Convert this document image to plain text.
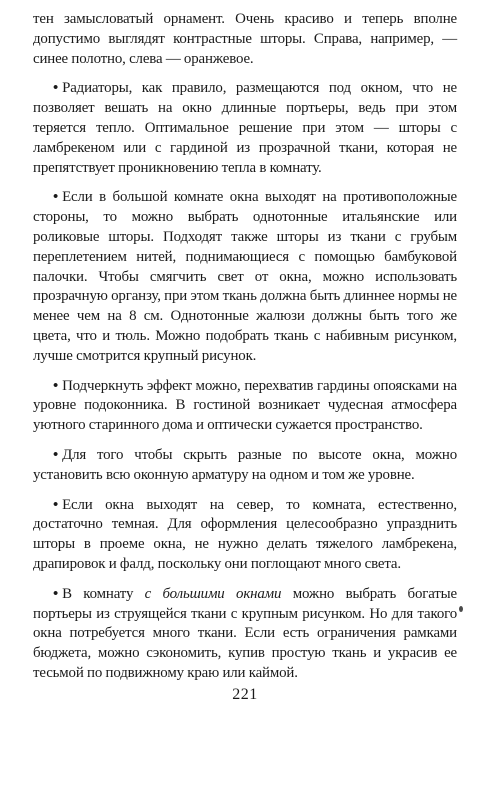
тен замысловатый орнамент. Очень красиво и теперь вполне допустимо выглядят контрастные шторы. Справа, например, — синее полотно, слева — оранжевое.

• Радиаторы, как правило, размещаются под окном, что не позволяет вешать на окно длинные портьеры, ведь при этом теряется тепло. Оптимальное решение при этом — шторы с ламбрекеном или с гардиной из прозрачной ткани, которая не препятствует проникновению тепла в комнату.

• Если в большой комнате окна выходят на противоположные стороны, то можно выбрать однотонные итальянские или роликовые шторы. Подходят также шторы из ткани с грубым переплетением нитей, поднимающиеся с помощью бамбуковой палочки. Чтобы смягчить свет от окна, можно использовать прозрачную органзу, при этом ткань должна быть длиннее нормы не менее чем на 8 см. Однотонные жалюзи должны быть того же цвета, что и тюль. Можно подобрать ткань с набивным рисунком, лучше смотрится крупный рисунок.

• Подчеркнуть эффект можно, перехватив гардины опоясками на уровне подоконника. В гостиной возникает чудесная атмосфера уютного старинного дома и оптически сужается пространство.

• Для того чтобы скрыть разные по высоте окна, можно установить всю оконную арматуру на одном и том же уровне.

• Если окна выходят на север, то комната, естественно, достаточно темная. Для оформления целесообразно упразднить шторы в проеме окна, не нужно делать тяжелого ламбрекена, драпировок и фалд, поскольку они поглощают много света.

• В комнату с большими окнами можно выбрать богатые портьеры из струящейся ткани с крупным рисунком. Но для такого окна потребуется много ткани. Если есть ограничения рамками бюджета, можно сэкономить, купив простую ткань и украсив ее тесьмой по подвижному краю или каймой.

221
